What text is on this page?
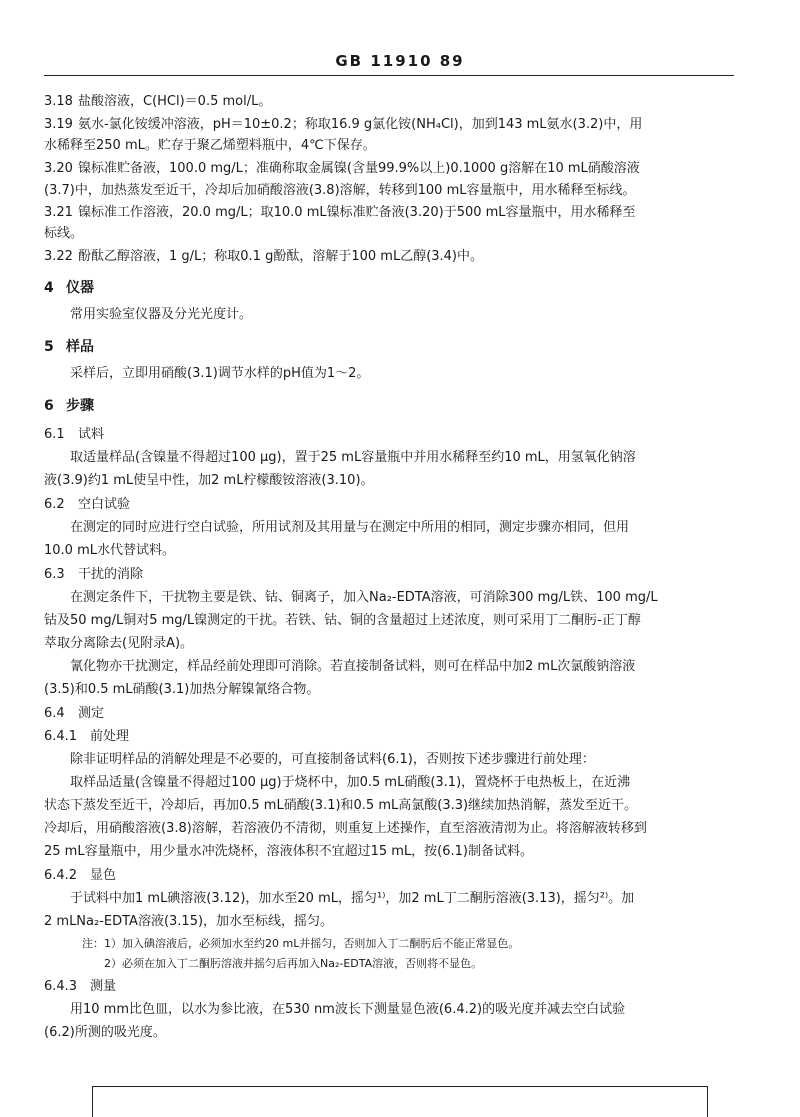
GB 11910 89
3.18 盐酸溶液，C(HCl)＝0.5 mol/L。
3.19 氨水-氯化铵缓冲溶液，pH＝10±0.2；称取16.9 g氯化铵(NH₄Cl)，加到143 mL氨水(3.2)中，用
水稀释至250 mL。贮存于聚乙烯塑料瓶中，4℃下保存。
3.20 镍标准贮备液，100.0 mg/L；准确称取金属镍(含量99.9%以上)0.1000 g溶解在10 mL硝酸溶液
(3.7)中，加热蒸发至近干，冷却后加硝酸溶液(3.8)溶解，转移到100 mL容量瓶中，用水稀释至标线。
3.21 镍标准工作溶液，20.0 mg/L；取10.0 mL镍标准贮备液(3.20)于500 mL容量瓶中，用水稀释至
标线。
3.22 酚酞乙醇溶液，1 g/L；称取0.1 g酚酞，溶解于100 mL乙醇(3.4)中。
4 仪器
常用实验室仪器及分光光度计。
5 样品
采样后，立即用硝酸(3.1)调节水样的pH值为1～2。
6 步骤
6.1 试料
取适量样品(含镍量不得超过100 μg)，置于25 mL容量瓶中并用水稀释至约10 mL，用氢氧化钠溶
液(3.9)约1 mL使呈中性，加2 mL柠檬酸铵溶液(3.10)。
6.2 空白试验
在测定的同时应进行空白试验，所用试剂及其用量与在测定中所用的相同，测定步骤亦相同，但用
10.0 mL水代替试料。
6.3 干扰的消除
在测定条件下，干扰物主要是铁、钴、铜离子，加入Na₂-EDTA溶液，可消除300 mg/L铁、100 mg/L
钴及50 mg/L铜对5 mg/L镍测定的干扰。若铁、钴、铜的含量超过上述浓度，则可采用丁二酮肟-正丁醇
萃取分离除去(见附录A)。
氰化物亦干扰测定，样品经前处理即可消除。若直接制备试料，则可在样品中加2 mL次氯酸钠溶液
(3.5)和0.5 mL硝酸(3.1)加热分解镍氰络合物。
6.4 测定
6.4.1 前处理
除非证明样品的消解处理是不必要的，可直接制备试料(6.1)，否则按下述步骤进行前处理：
取样品适量(含镍量不得超过100 μg)于烧杯中，加0.5 mL硝酸(3.1)，置烧杯于电热板上，在近沸
状态下蒸发至近干，冷却后，再加0.5 mL硝酸(3.1)和0.5 mL高氯酸(3.3)继续加热消解，蒸发至近干。
冷却后，用硝酸溶液(3.8)溶解，若溶液仍不清彻，则重复上述操作，直至溶液清沏为止。将溶解液转移到
25 mL容量瓶中，用少量水冲洗烧杯，溶液体积不宜超过15 mL，按(6.1)制备试料。
6.4.2 显色
于试料中加1 mL碘溶液(3.12)，加水至20 mL，摇匀¹⁾，加2 mL丁二酮肟溶液(3.13)，摇匀²⁾。加
2 mLNa₂-EDTA溶液(3.15)，加水至标线，摇匀。
注：1）加入碘溶液后，必须加水至约20 mL并摇匀，否则加入丁二酮肟后不能正常显色。
2）必须在加入丁二酮肟溶液并摇匀后再加入Na₂-EDTA溶液，否则将不显色。
6.4.3 测量
用10 mm比色皿，以水为参比液，在530 nm波长下测量显色液(6.4.2)的吸光度并减去空白试验
(6.2)所测的吸光度。
